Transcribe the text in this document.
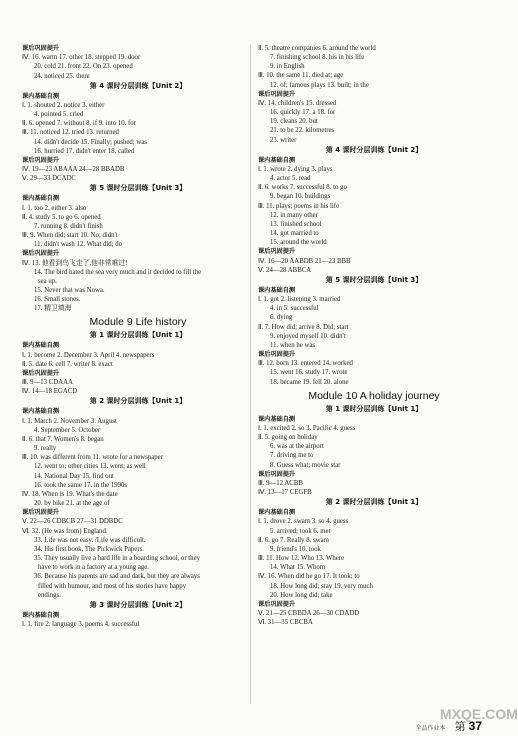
课后巩固提升
Ⅳ. 16. warm 17. other 18. stepped 19. door
20. cold 21. front 22. On 23. opened
24. noticed 25. there
第 4 课时分层训练【Unit 2】
课内基础自测
Ⅰ. 1. shouted 2. notice 3. either
4. pointed 5. cried
Ⅱ. 6. opened 7. without 8. if 9. into 10. for
Ⅲ. 11. noticed 12. tried 13. returned
14. didn't decide 15. Finally; pushed; was
16. hurried 17. didn't enter 18. called
课后巩固提升
Ⅳ. 19—23 ABAAA 24—28 BBADB
Ⅴ. 29—33 DCADC
第 5 课时分层训练【Unit 3】
课内基础自测
Ⅰ. 1. too 2. either 3. also
Ⅱ. 4. study 5. to go 6. opened
7. running 8. didn't finish
Ⅲ. 9. When did; start 10. No; didn't
11. didn't wash 12. What did; do
课后巩固提升
Ⅳ. 13. 他看到鸟飞走了,他非常难过!
14. The bird hated the sea very much and it decided to fill the
sea up.
15. Never that was Nowa.
16. Small stones.
17. 精卫填海
Module 9 Life history
第 1 课时分层训练【Unit 1】
课内基础自测
Ⅰ. 1. become 2. December 3. April 4. newspapers
Ⅱ. 5. date 6. cell 7. writer 8. exact
课后巩固提升
Ⅲ. 9—13 CDAAA
Ⅳ. 14—18 EGACD
第 2 课时分层训练【Unit 1】
课内基础自测
Ⅰ. 1. March 2. November 3. August
4. September 5. October
Ⅱ. 6. that 7. Women's 8. began
9. really
Ⅲ. 10. was different from 11. wrote for a newspaper
12. went to; other cities 13. went; as well
14. National Day 15. find out
16. took the same 17. in the 1990s
Ⅳ. 18. When is 19. What's the date
20. by bike 21. at the age of
课后巩固提升
Ⅴ. 22—26 CDBCB 27—31 DDBDC
Ⅵ. 32. (He was from) England.
33. Life was not easy. /Life was difficult.
34. His first book, The Pickwick Papers.
35. They usually live a hard life in a boarding school, or they
have to work in a factory at a young age.
36. Because his parents are sad and dark, but they are always
filled with humour, and most of his stories have happy
endings.
第 3 课时分层训练【Unit 2】
课内基础自测
Ⅰ. 1. fire 2. language 3. poems 4. successful
Ⅱ. 5. theatre companies 6. around the world
7. finishing school 8. his in his life
9. in English
Ⅲ. 10. the same 11. died at; age
12. of; famous plays 13. built; in the
课后巩固提升
Ⅳ. 14. children's 15. dressed
16. quickly 17. a 18. for
19. cleans 20. but
21. to be 22. kilometres
23. writer
第 4 课时分层训练【Unit 2】
课内基础自测
Ⅰ. 1. wrote 2. dying 3. plays
4. actor 5. read
Ⅱ. 6. works 7. successful 8. to go
9. began 10. buildings
Ⅲ. 11. plays; poems in his life
12. in many other
13. finished school
14. got married to
15. around the world
课后巩固提升
Ⅳ. 16—20 AABDB 21—23 BBB
Ⅴ. 24—28 ABBCA
第 5 课时分层训练【Unit 3】
课内基础自测
Ⅰ. 1. got 2. listening 3. married
4. in 5. successful
6. dying
Ⅱ. 7. How did; arrive 8. Did; start
9. enjoyed myself 10. didn't
11. when he was
课后巩固提升
Ⅲ. 12. born 13. entered 14. worked
15. went 16. study 17. wrote
18. became 19. fell 20. alone
Module 10 A holiday journey
第 1 课时分层训练【Unit 1】
课内基础自测
Ⅰ. 1. excited 2. so 3. Pacific 4. guess
Ⅱ. 5. going on holiday
6. was at the airport
7. driving me to
8. Guess what; movie star
课后巩固提升
Ⅲ. 9—12 ACBB
Ⅳ. 13—17 CEGFB
第 2 课时分层训练【Unit 1】
课内基础自测
Ⅰ. 1. drove 2. swam 3. so 4. guess
5. arrived; took 6. met
Ⅱ. 6. go 7. Really 8. swam
9. friend's 10. took
Ⅲ. 11. How 12. Who 13. Where
14. What 15. Whom
Ⅳ. 16. When did he go 17. It took; to
18. How long did; stay 19. very much
20. How long did; take
课后巩固提升
Ⅴ. 21—25 CBBDA 26—30 CDADD
Ⅵ. 31—35 CBCBA
全品作业本 第 37
MXQE.COM
